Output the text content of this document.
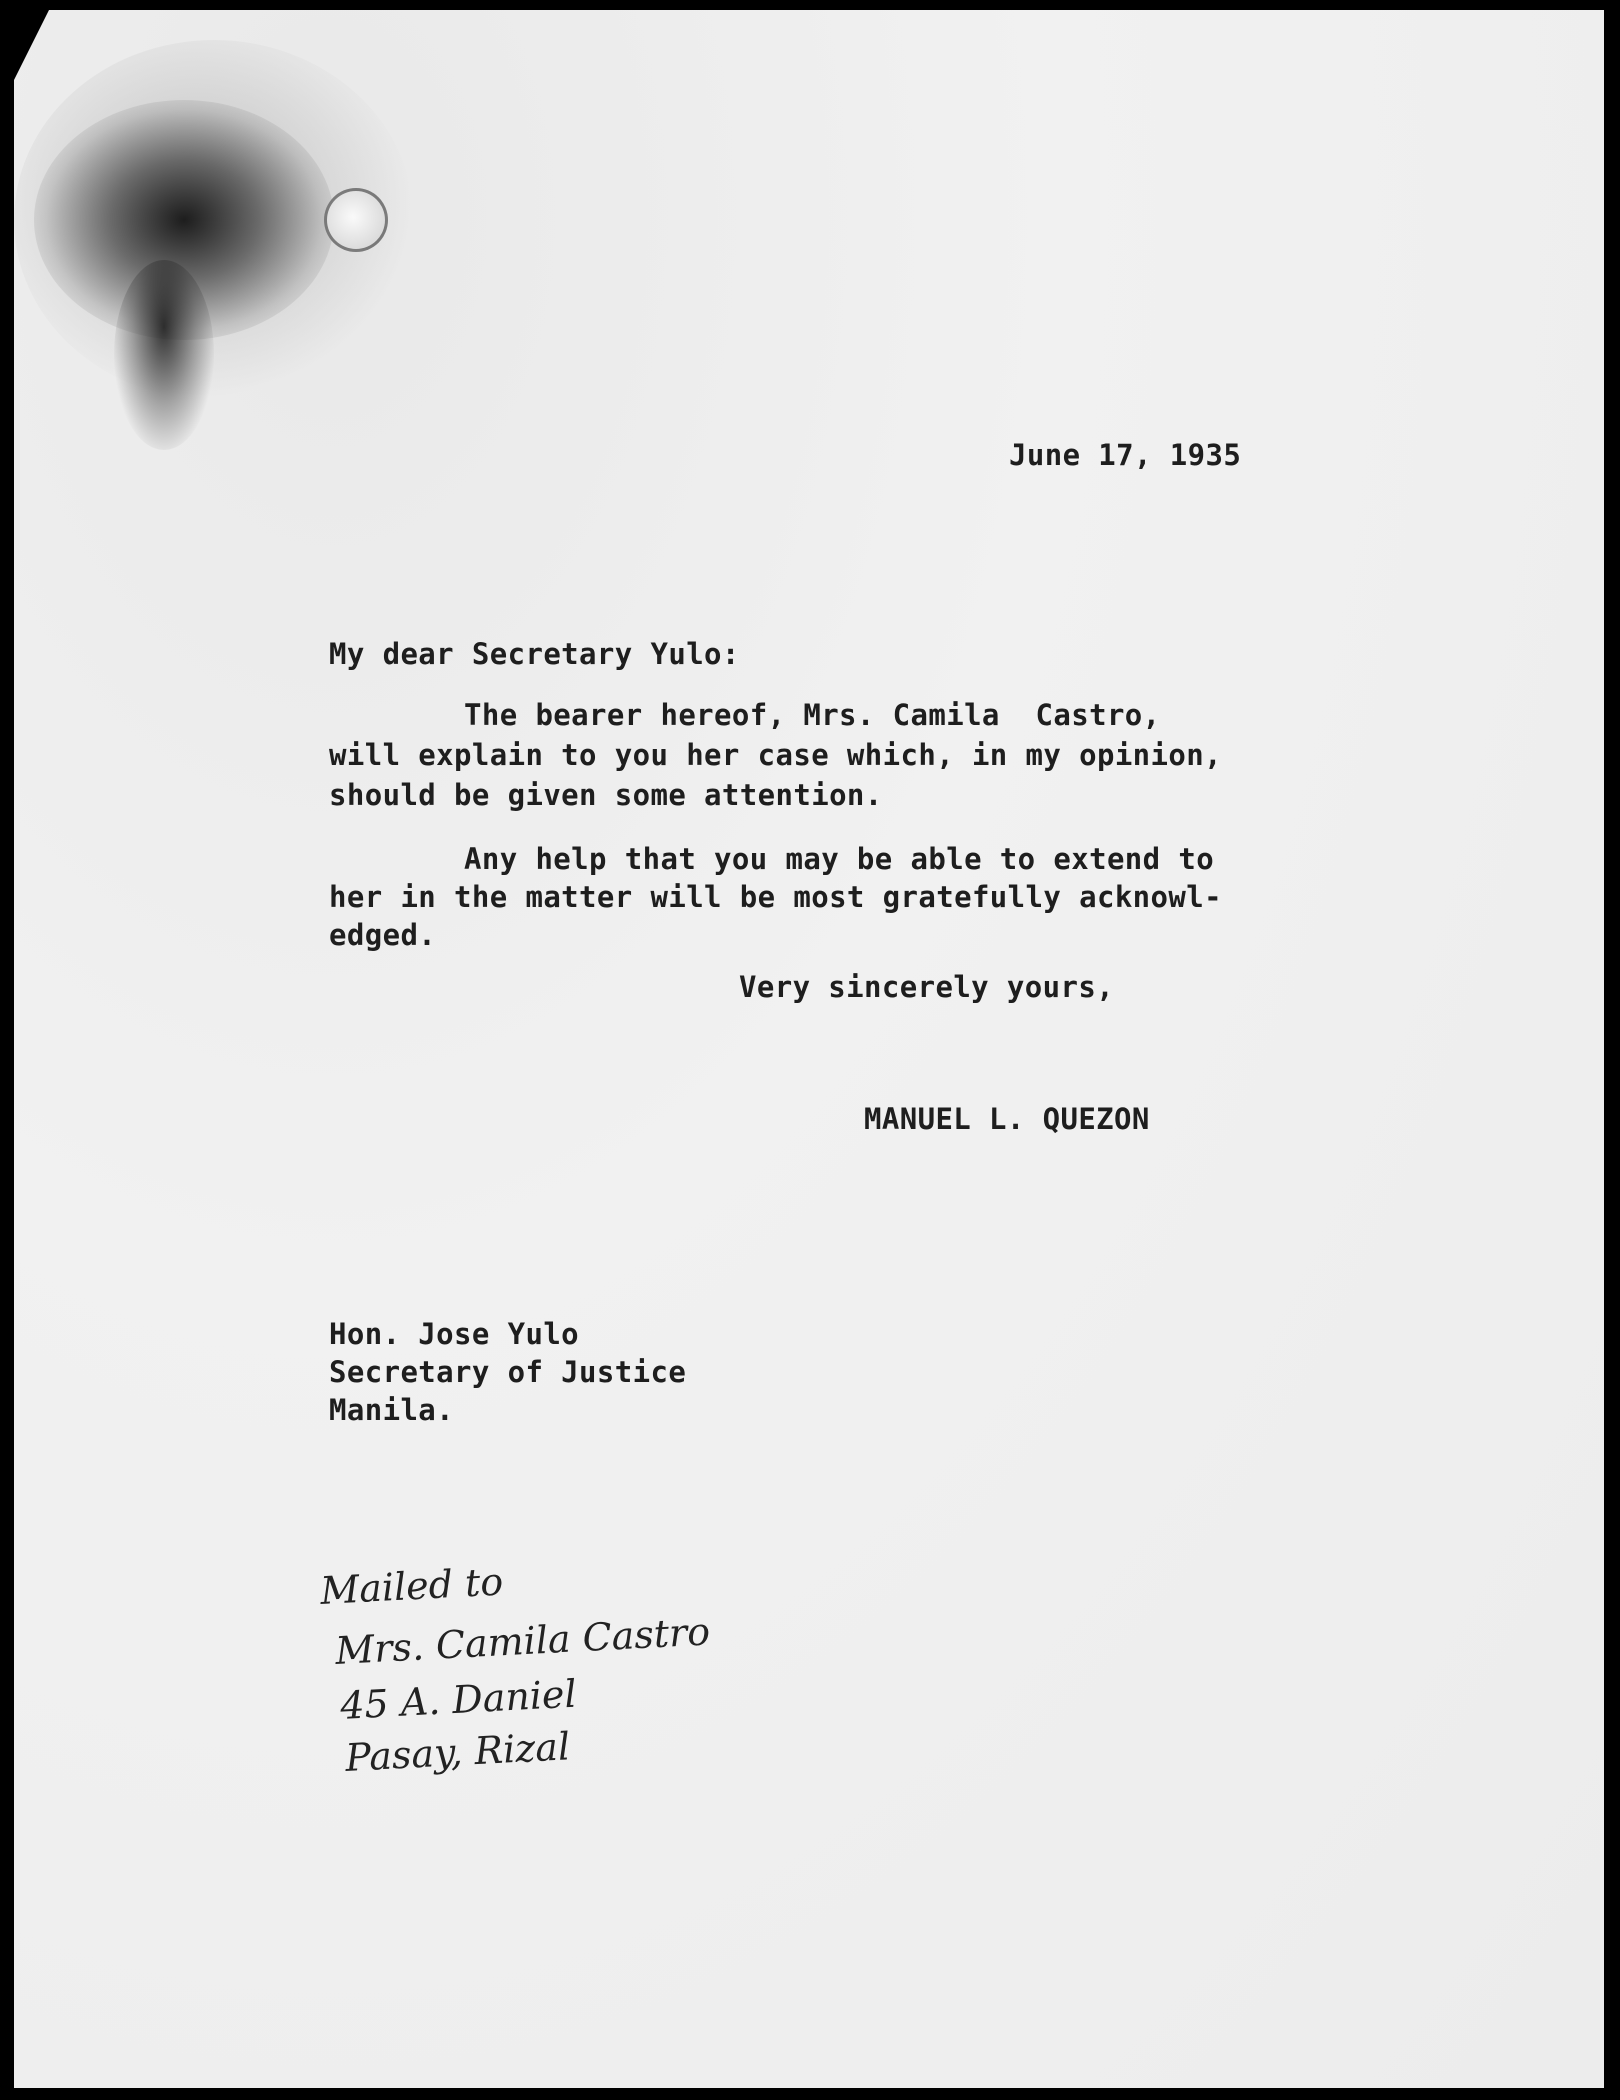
June 17, 1935
My dear Secretary Yulo:
The bearer hereof, Mrs. Camila  Castro,
will explain to you her case which, in my opinion,
should be given some attention.
Any help that you may be able to extend to
her in the matter will be most gratefully acknowl-
edged.
Very sincerely yours,
MANUEL L. QUEZON
Hon. Jose Yulo
Secretary of Justice
Manila.
Mailed to
Mrs. Camila Castro
45 A. Daniel
Pasay, Rizal
